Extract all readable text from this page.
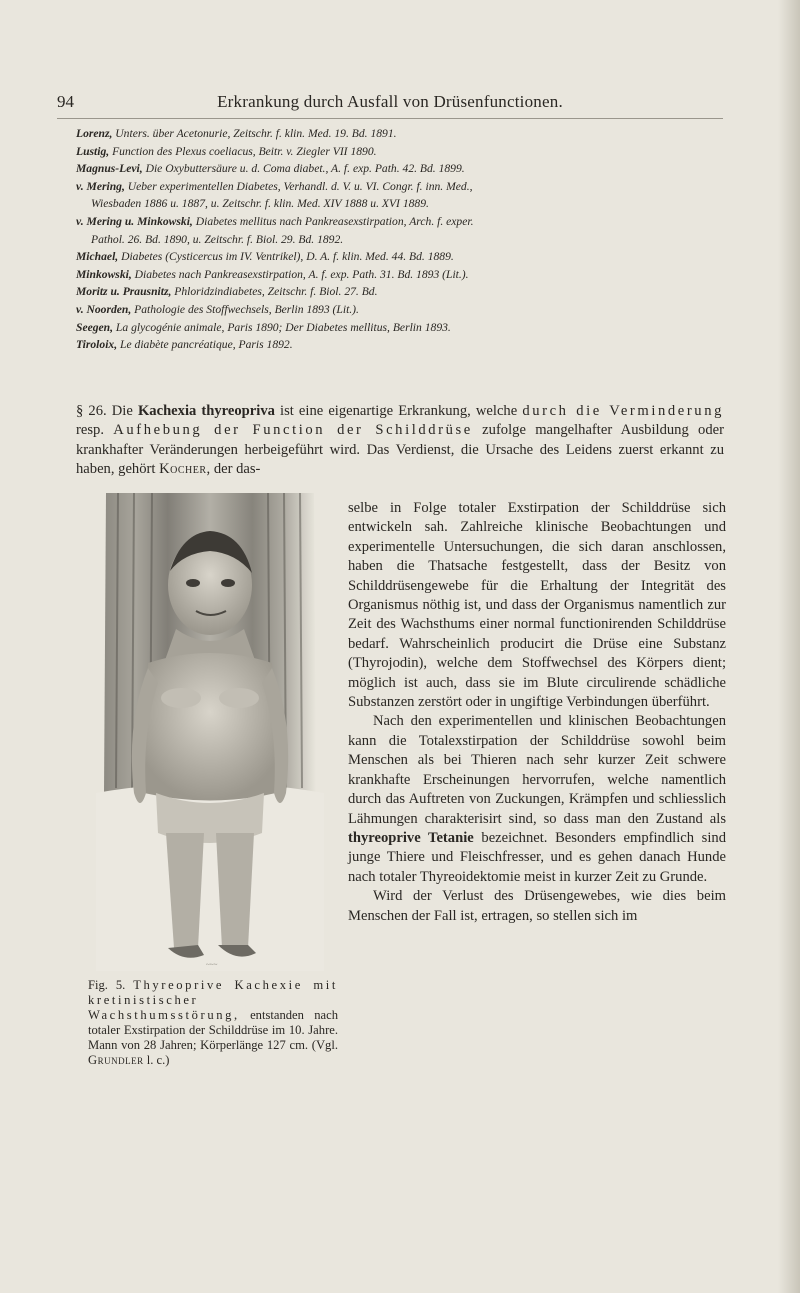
94	Erkrankung durch Ausfall von Drüsenfunctionen.
Lorenz, Unters. über Acetonurie, Zeitschr. f. klin. Med. 19. Bd. 1891.
Lustig, Function des Plexus coeliacus, Beitr. v. Ziegler VII 1890.
Magnus-Levi, Die Oxybuttersäure u. d. Coma diabet., A. f. exp. Path. 42. Bd. 1899.
v. Mering, Ueber experimentellen Diabetes, Verhandl. d. V. u. VI. Congr. f. inn. Med.,
Wiesbaden 1886 u. 1887, u. Zeitschr. f. klin. Med. XIV 1888 u. XVI 1889.
v. Mering u. Minkowski, Diabetes mellitus nach Pankreasexstirpation, Arch. f. exper.
Pathol. 26. Bd. 1890, u. Zeitschr. f. Biol. 29. Bd. 1892.
Michael, Diabetes (Cysticercus im IV. Ventrikel), D. A. f. klin. Med. 44. Bd. 1889.
Minkowski, Diabetes nach Pankreasexstirpation, A. f. exp. Path. 31. Bd. 1893 (Lit.).
Moritz u. Prausnitz, Phloridzindiabetes, Zeitschr. f. Biol. 27. Bd.
v. Noorden, Pathologie des Stoffwechsels, Berlin 1893 (Lit.).
Seegen, La glycogénie animale, Paris 1890; Der Diabetes mellitus, Berlin 1893.
Tiroloix, Le diabète pancréatique, Paris 1892.

§ 26. Die Kachexia thyreopriva ist eine eigenartige Erkrankung, welche durch die Verminderung resp. Aufhebung der Function der Schilddrüse zufolge mangelhafter Ausbildung oder krankhafter Veränderungen herbeigeführt wird. Das Verdienst, die Ursache des Leidens zuerst erkannt zu haben, gehört Kocher, der das-

~~~
Fig. 5. Thyreoprive Kachexie mit kretinistischer Wachsthumsstörung, entstanden nach totaler Exstirpation der Schilddrüse im 10. Jahre. Mann von 28 Jahren; Körperlänge 127 cm. (Vgl. Grundler l. c.)

selbe in Folge totaler Exstirpation der Schilddrüse sich entwickeln sah. Zahlreiche klinische Beobachtungen und experimentelle Untersuchungen, die sich daran anschlossen, haben die Thatsache festgestellt, dass der Besitz von Schilddrüsengewebe für die Erhaltung der Integrität des Organismus nöthig ist, und dass der Organismus namentlich zur Zeit des Wachsthums einer normal functionirenden Schilddrüse bedarf. Wahrscheinlich producirt die Drüse eine Substanz (Thyrojodin), welche dem Stoffwechsel des Körpers dient; möglich ist auch, dass sie im Blute circulirende schädliche Substanzen zerstört oder in ungiftige Verbindungen überführt.

Nach den experimentellen und klinischen Beobachtungen kann die Totalexstirpation der Schilddrüse sowohl beim Menschen als bei Thieren nach sehr kurzer Zeit schwere krankhafte Erscheinungen hervorrufen, welche namentlich durch das Auftreten von Zuckungen, Krämpfen und schliesslich Lähmungen charakterisirt sind, so dass man den Zustand als thyreoprive Tetanie bezeichnet. Besonders empfindlich sind junge Thiere und Fleischfresser, und es gehen danach Hunde nach totaler Thyreoidektomie meist in kurzer Zeit zu Grunde.

Wird der Verlust des Drüsengewebes, wie dies beim Menschen der Fall ist, ertragen, so stellen sich im
